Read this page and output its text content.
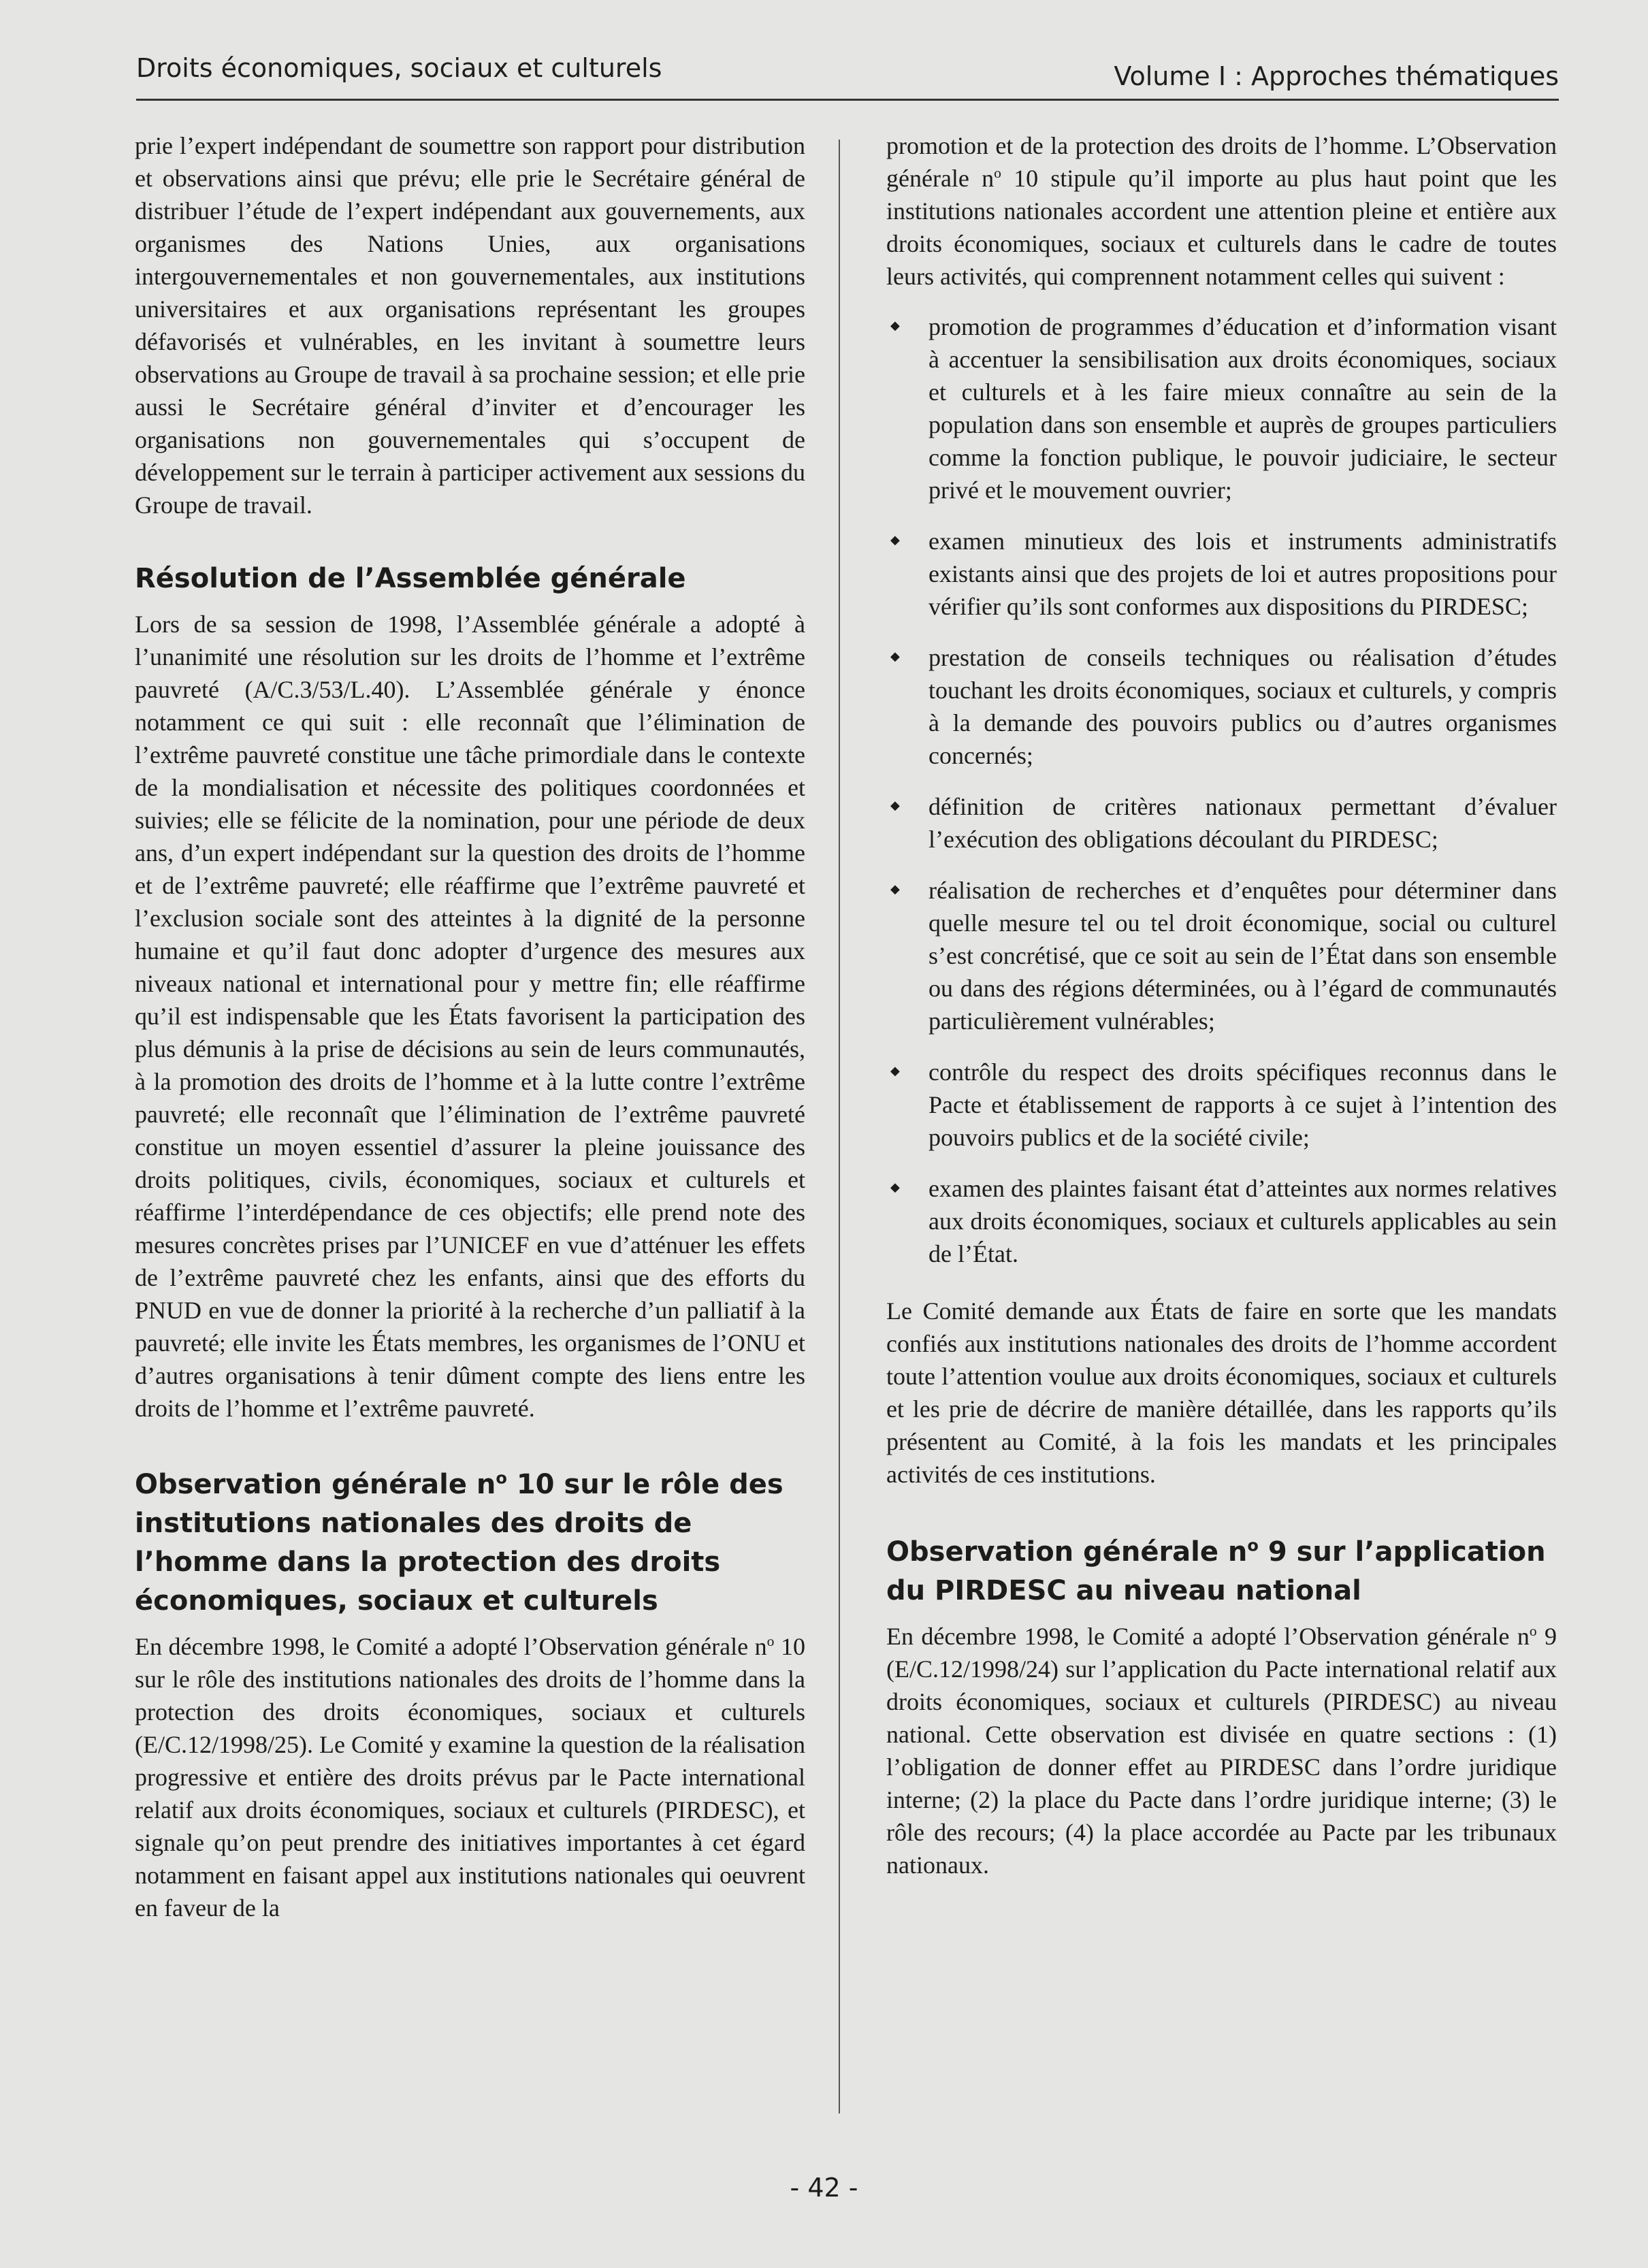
Droits économiques, sociaux et culturels	Volume I : Approches thématiques

prie l’expert indépendant de soumettre son rapport pour distribution et observations ainsi que prévu; elle prie le Secrétaire général de distribuer l’étude de l’expert indépendant aux gouvernements, aux organismes des Nations Unies, aux organisations intergouvernementales et non gouvernementales, aux institutions universitaires et aux organisations représentant les groupes défavorisés et vulnérables, en les invitant à soumettre leurs observations au Groupe de travail à sa prochaine session; et elle prie aussi le Secrétaire général d’inviter et d’encourager les organisations non gouvernementales qui s’occupent de développement sur le terrain à participer activement aux sessions du Groupe de travail.

Résolution de l’Assemblée générale

Lors de sa session de 1998, l’Assemblée générale a adopté à l’unanimité une résolution sur les droits de l’homme et l’extrême pauvreté (A/C.3/53/L.40). L’Assemblée générale y énonce notamment ce qui suit : elle reconnaît que l’élimination de l’extrême pauvreté constitue une tâche primordiale dans le contexte de la mondialisation et nécessite des politiques coordonnées et suivies; elle se félicite de la nomination, pour une période de deux ans, d’un expert indépendant sur la question des droits de l’homme et de l’extrême pauvreté; elle réaffirme que l’extrême pauvreté et l’exclusion sociale sont des atteintes à la dignité de la personne humaine et qu’il faut donc adopter d’urgence des mesures aux niveaux national et international pour y mettre fin; elle réaffirme qu’il est indispensable que les États favorisent la participation des plus démunis à la prise de décisions au sein de leurs communautés, à la promotion des droits de l’homme et à la lutte contre l’extrême pauvreté; elle reconnaît que l’élimination de l’extrême pauvreté constitue un moyen essentiel d’assurer la pleine jouissance des droits politiques, civils, économiques, sociaux et culturels et réaffirme l’interdépendance de ces objectifs; elle prend note des mesures concrètes prises par l’UNICEF en vue d’atténuer les effets de l’extrême pauvreté chez les enfants, ainsi que des efforts du PNUD en vue de donner la priorité à la recherche d’un palliatif à la pauvreté; elle invite les États membres, les organismes de l’ONU et d’autres organisations à tenir dûment compte des liens entre les droits de l’homme et l’extrême pauvreté.

Observation générale $n^o$ 10 sur le rôle des institutions nationales des droits de l’homme dans la protection des droits économiques, sociaux et culturels

En décembre 1998, le Comité a adopté l’Observation générale $n^o$ 10 sur le rôle des institutions nationales des droits de l’homme dans la protection des droits économiques, sociaux et culturels (E/C.12/1998/25). Le Comité y examine la question de la réalisation progressive et entière des droits prévus par le Pacte international relatif aux droits économiques, sociaux et culturels (PIRDESC), et signale qu’on peut prendre des initiatives importantes à cet égard notamment en faisant appel aux institutions nationales qui oeuvrent en faveur de la

promotion et de la protection des droits de l’homme. L’Observation générale $n^o$ 10 stipule qu’il importe au plus haut point que les institutions nationales accordent une attention pleine et entière aux droits économiques, sociaux et culturels dans le cadre de toutes leurs activités, qui comprennent notamment celles qui suivent :

◆ promotion de programmes d’éducation et d’information visant à accentuer la sensibilisation aux droits économiques, sociaux et culturels et à les faire mieux connaître au sein de la population dans son ensemble et auprès de groupes particuliers comme la fonction publique, le pouvoir judiciaire, le secteur privé et le mouvement ouvrier;

◆ examen minutieux des lois et instruments administratifs existants ainsi que des projets de loi et autres propositions pour vérifier qu’ils sont conformes aux dispositions du PIRDESC;

◆ prestation de conseils techniques ou réalisation d’études touchant les droits économiques, sociaux et culturels, y compris à la demande des pouvoirs publics ou d’autres organismes concernés;

◆ définition de critères nationaux permettant d’évaluer l’exécution des obligations découlant du PIRDESC;

◆ réalisation de recherches et d’enquêtes pour déterminer dans quelle mesure tel ou tel droit économique, social ou culturel s’est concrétisé, que ce soit au sein de l’État dans son ensemble ou dans des régions déterminées, ou à l’égard de communautés particulièrement vulnérables;

◆ contrôle du respect des droits spécifiques reconnus dans le Pacte et établissement de rapports à ce sujet à l’intention des pouvoirs publics et de la société civile;

◆ examen des plaintes faisant état d’atteintes aux normes relatives aux droits économiques, sociaux et culturels applicables au sein de l’État.

Le Comité demande aux États de faire en sorte que les mandats confiés aux institutions nationales des droits de l’homme accordent toute l’attention voulue aux droits économiques, sociaux et culturels et les prie de décrire de manière détaillée, dans les rapports qu’ils présentent au Comité, à la fois les mandats et les principales activités de ces institutions.

Observation générale $n^o$ 9 sur l’application du PIRDESC au niveau national

En décembre 1998, le Comité a adopté l’Observation générale $n^o$ 9 (E/C.12/1998/24) sur l’application du Pacte international relatif aux droits économiques, sociaux et culturels (PIRDESC) au niveau national. Cette observation est divisée en quatre sections : (1) l’obligation de donner effet au PIRDESC dans l’ordre juridique interne; (2) la place du Pacte dans l’ordre juridique interne; (3) le rôle des recours; (4) la place accordée au Pacte par les tribunaux nationaux.

- 42 -
